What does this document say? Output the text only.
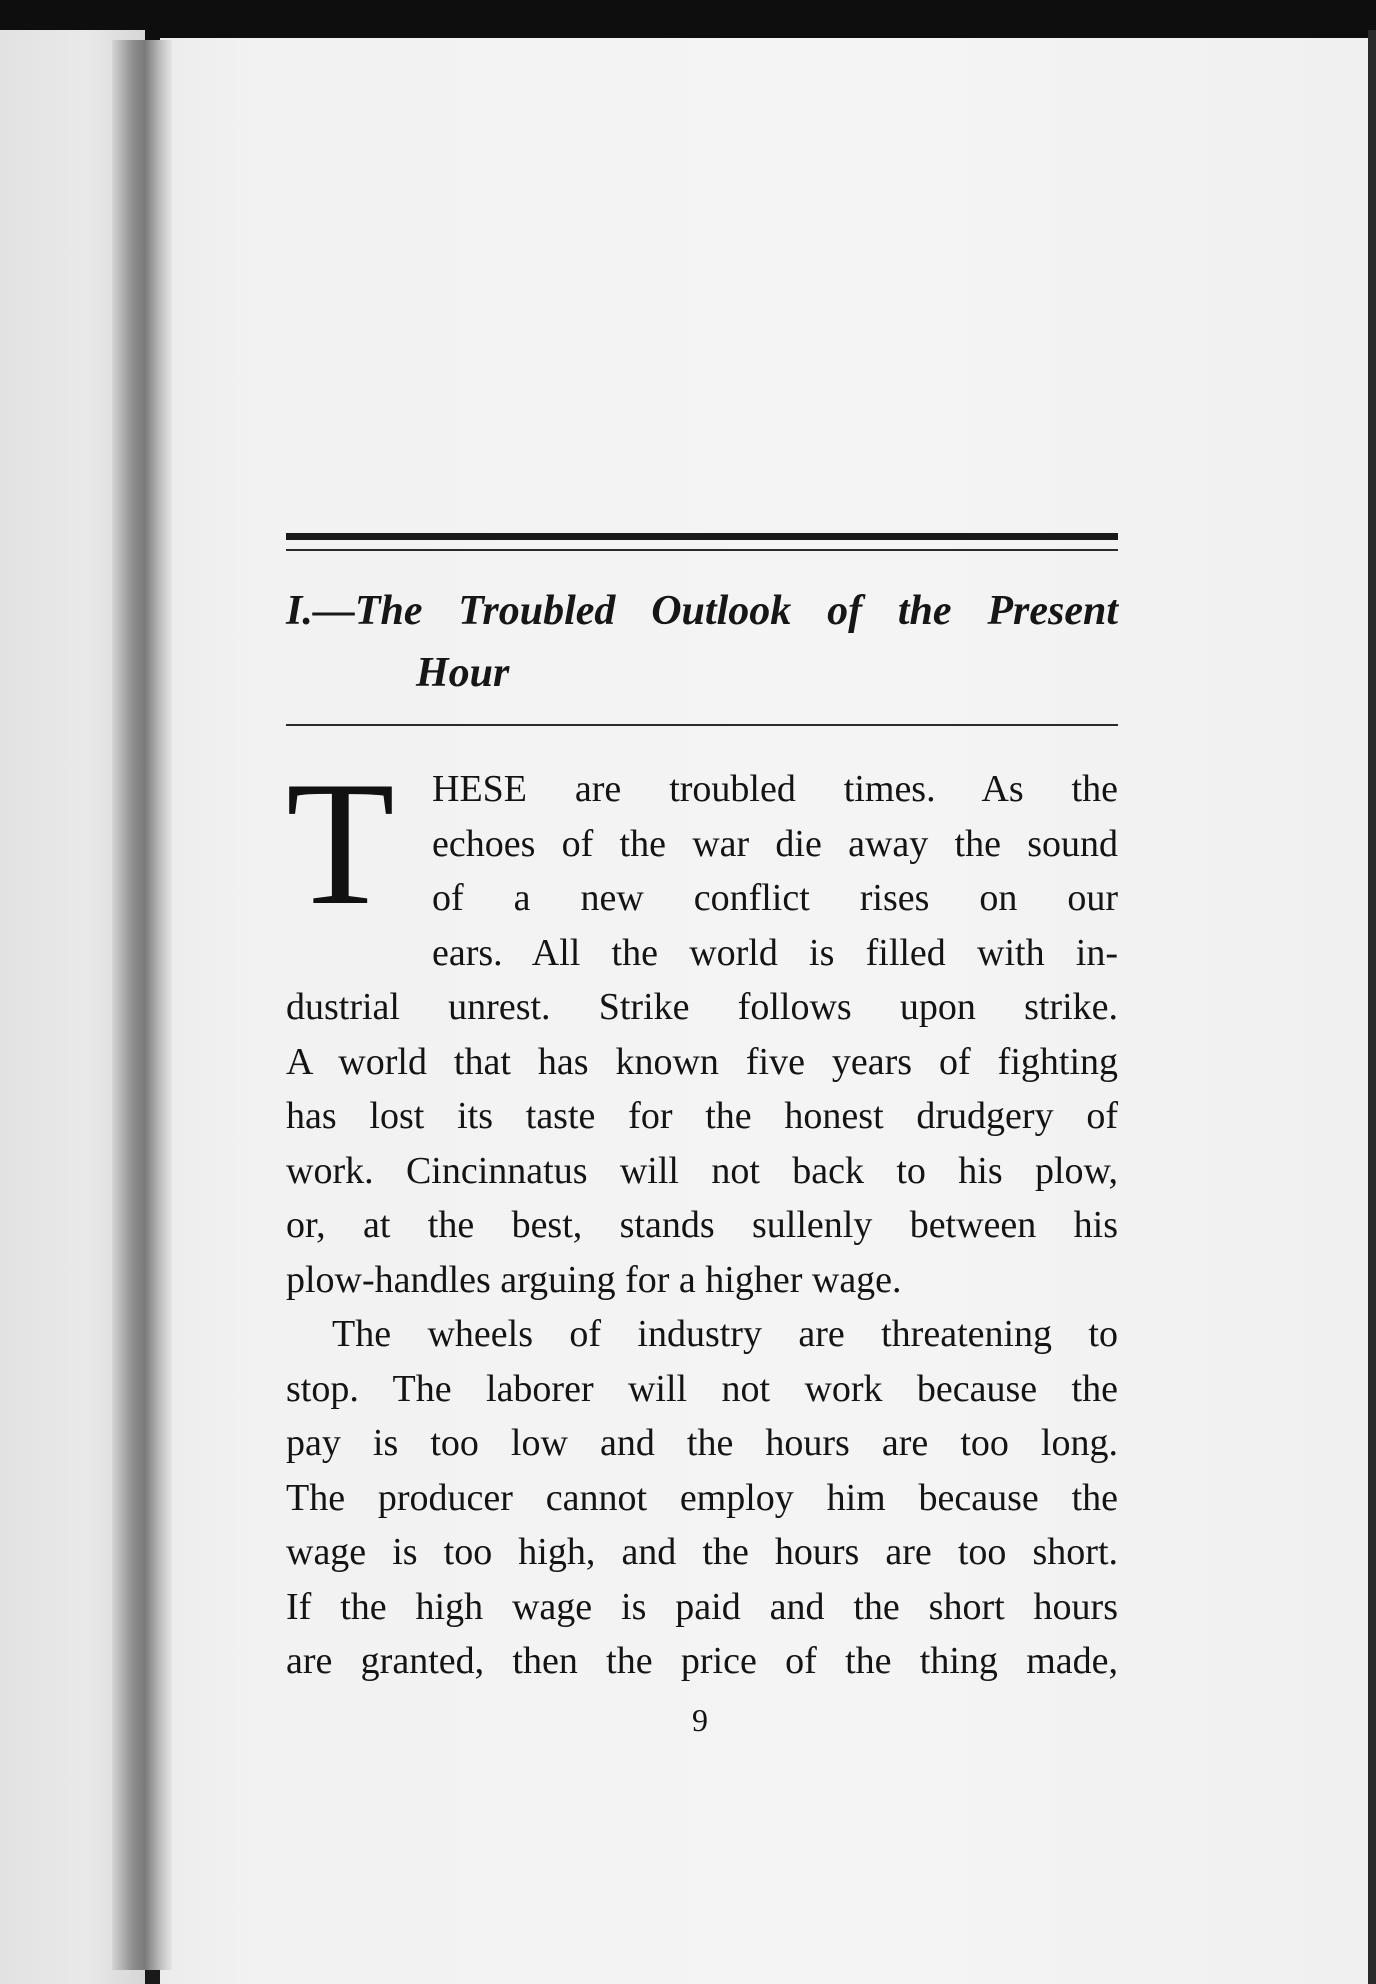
I.—The Troubled Outlook of the Present
Hour
T HESE are troubled times. As the
echoes of the war die away the sound
of a new conflict rises on our
ears. All the world is filled with in-
dustrial unrest. Strike follows upon strike.
A world that has known five years of fighting
has lost its taste for the honest drudgery of
work. Cincinnatus will not back to his plow,
or, at the best, stands sullenly between his
plow-handles arguing for a higher wage.
The wheels of industry are threatening to
stop. The laborer will not work because the
pay is too low and the hours are too long.
The producer cannot employ him because the
wage is too high, and the hours are too short.
If the high wage is paid and the short hours
are granted, then the price of the thing made,
9
